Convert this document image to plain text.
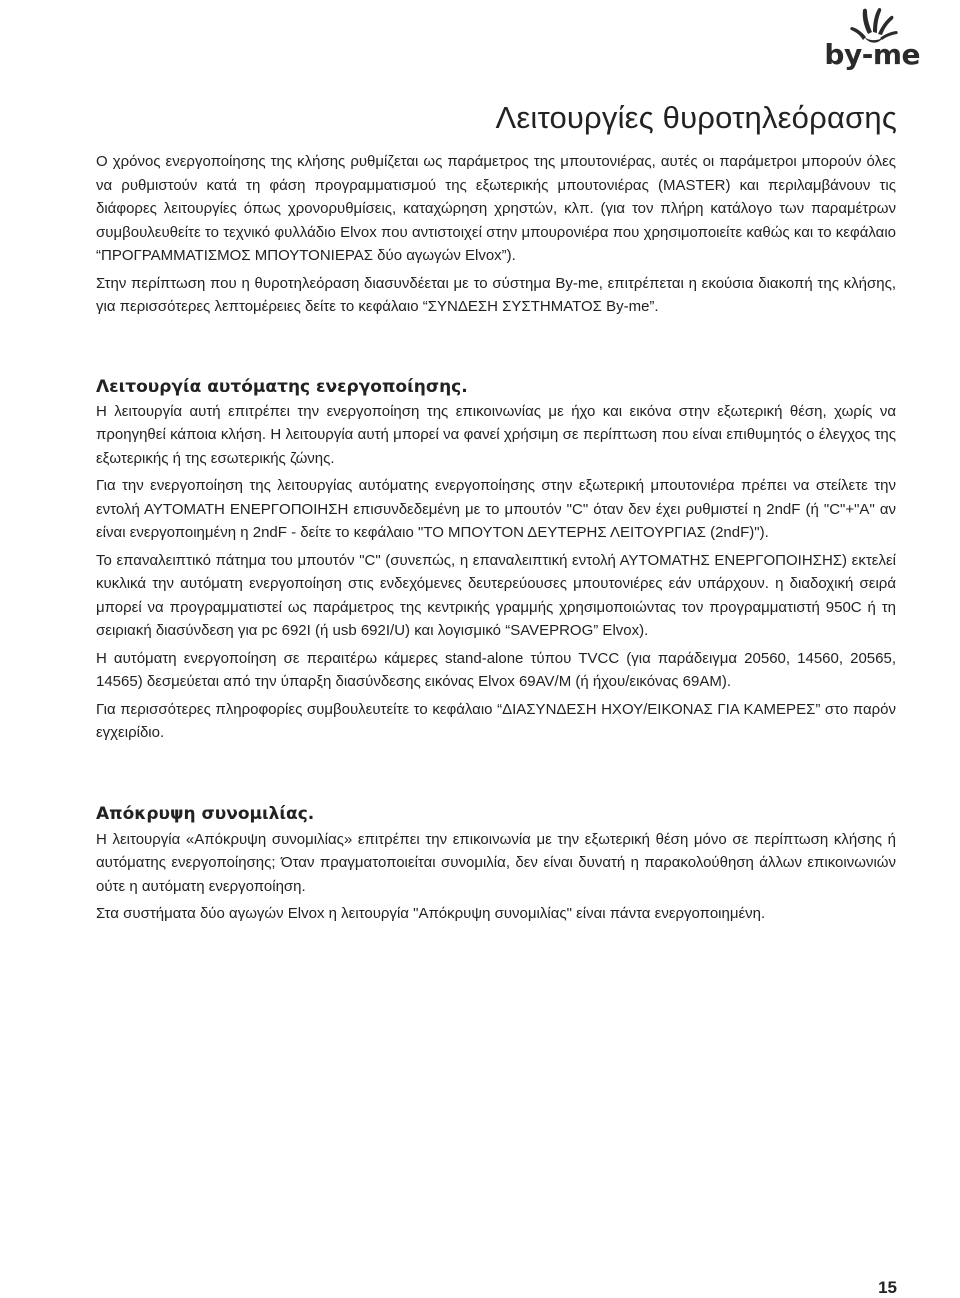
by-me
Λειτουργίες θυροτηλεόρασης

Ο χρόνος ενεργοποίησης της κλήσης ρυθμίζεται ως παράμετρος της μπουτονιέρας, αυτές οι παράμετροι μπορούν όλες να ρυθμιστούν κατά τη φάση προγραμματισμού της εξωτερικής μπουτονιέρας (MASTER) και περιλαμβάνουν τις διάφορες λειτουργίες όπως χρονορυθμίσεις, καταχώρηση χρηστών, κλπ. (για τον πλήρη κατάλογο των παραμέτρων συμβουλευθείτε το τεχνικό φυλλάδιο Elvox που αντιστοιχεί στην μπουρονιέρα που χρησιμοποιείτε καθώς και το κεφάλαιο “ΠΡΟΓΡΑΜΜΑΤΙΣΜΟΣ ΜΠΟΥΤΟΝΙΕΡΑΣ δύο αγωγών Elvox”).

Στην περίπτωση που η θυροτηλεόραση διασυνδέεται με το σύστημα By-me, επιτρέπεται η εκούσια διακοπή της κλήσης, για περισσότερες λεπτομέρειες δείτε το κεφάλαιο “ΣΥΝΔΕΣΗ ΣΥΣΤΗΜΑΤΟΣ By-me”.

Λειτουργία αυτόματης ενεργοποίησης.

Η λειτουργία αυτή επιτρέπει την ενεργοποίηση της επικοινωνίας με ήχο και εικόνα στην εξωτερική θέση, χωρίς να προηγηθεί κάποια κλήση. Η λειτουργία αυτή μπορεί να φανεί χρήσιμη σε περίπτωση που είναι επιθυμητός ο έλεγχος της εξωτερικής ή της εσωτερικής ζώνης.

Για την ενεργοποίηση της λειτουργίας αυτόματης ενεργοποίησης στην εξωτερική μπουτονιέρα πρέπει να στείλετε την εντολή ΑΥΤΟΜΑΤΗ ΕΝΕΡΓΟΠΟΙΗΣΗ επισυνδεδεμένη με το μπουτόν "C" όταν δεν έχει ρυθμιστεί η 2ndF (ή "C"+"A" αν είναι ενεργοποιημένη η 2ndF - δείτε το κεφάλαιο "ΤΟ ΜΠΟΥΤΟΝ ΔΕΥΤΕΡΗΣ ΛΕΙΤΟΥΡΓΙΑΣ (2ndF)").

Το επαναλειπτικό πάτημα του μπουτόν "C" (συνεπώς, η επαναλειπτική εντολή ΑΥΤΟΜΑΤΗΣ ΕΝΕΡΓΟΠΟΙΗΣΗΣ) εκτελεί κυκλικά την αυτόματη ενεργοποίηση στις ενδεχόμενες δευτερεύουσες μπουτονιέρες εάν υπάρχουν. η διαδοχική σειρά μπορεί να προγραμματιστεί ως παράμετρος της κεντρικής γραμμής χρησιμοποιώντας τον προγραμματιστή 950C ή τη σειριακή διασύνδεση για pc 692I (ή usb 692I/U) και λογισμικό “SAVEPROG” Elvox).

Η αυτόματη ενεργοποίηση σε περαιτέρω κάμερες stand-alone τύπου TVCC (για παράδειγμα 20560, 14560, 20565, 14565) δεσμεύεται από την ύπαρξη διασύνδεσης εικόνας Elvox 69AV/M (ή ήχου/εικόνας 69AM).

Για περισσότερες πληροφορίες συμβουλευτείτε το κεφάλαιο “ΔΙΑΣΥΝΔΕΣΗ ΗΧΟΥ/ΕΙΚΟΝΑΣ ΓΙΑ ΚΑΜΕΡΕΣ” στο παρόν εγχειρίδιο.

Απόκρυψη συνομιλίας.

Η λειτουργία «Απόκρυψη συνομιλίας» επιτρέπει την επικοινωνία με την εξωτερική θέση μόνο σε περίπτωση κλήσης ή αυτόματης ενεργοποίησης; Όταν πραγματοποιείται συνομιλία, δεν είναι δυνατή η παρακολούθηση άλλων επικοινωνιών ούτε η αυτόματη ενεργοποίηση.

Στα συστήματα δύο αγωγών Elvox η λειτουργία "Απόκρυψη συνομιλίας" είναι πάντα ενεργοποιημένη.

15
